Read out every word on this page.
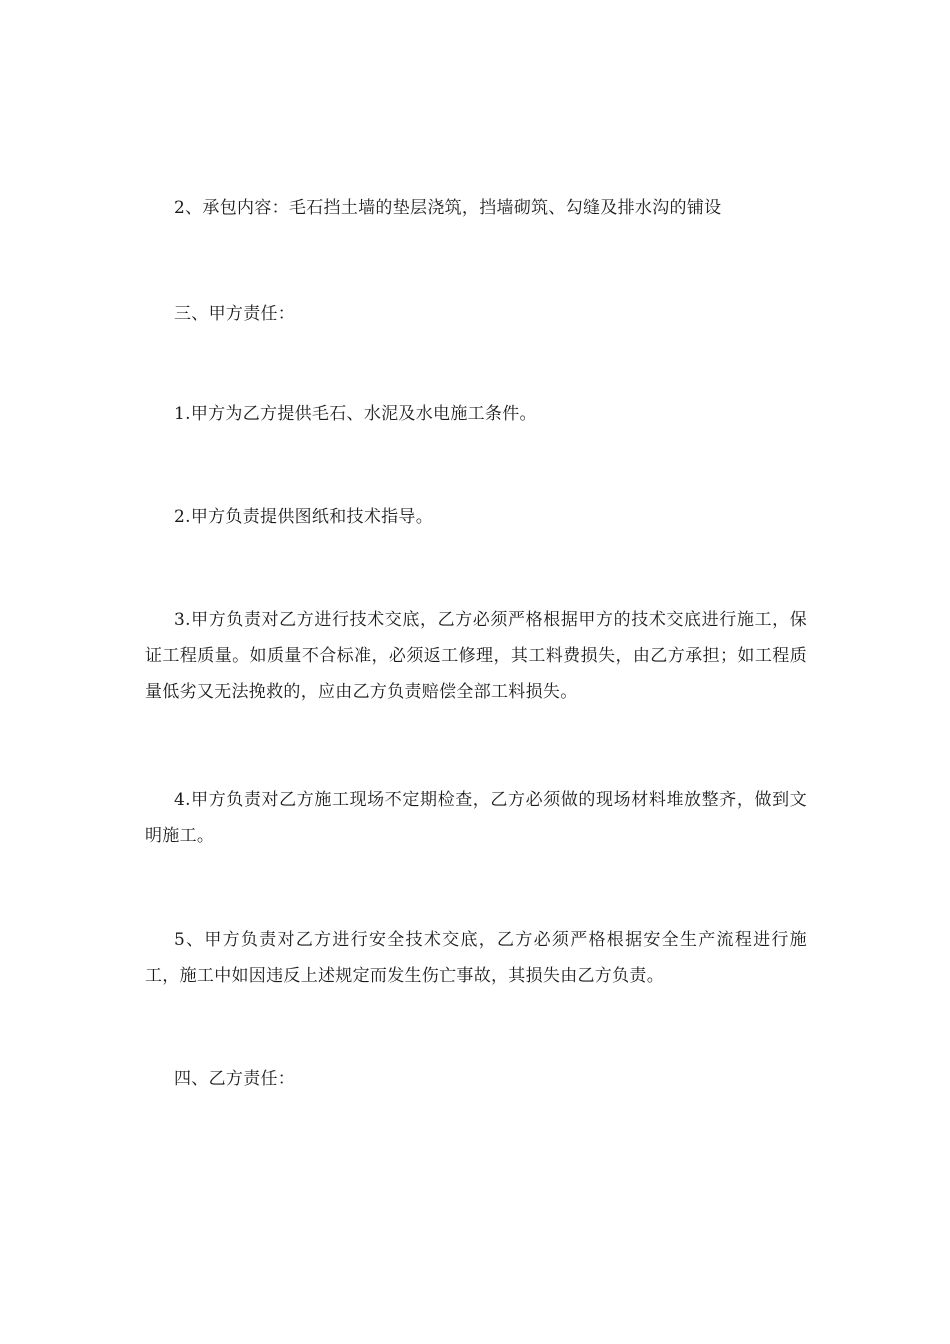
2、承包内容：毛石挡土墙的垫层浇筑，挡墙砌筑、勾缝及排水沟的铺设

三、甲方责任：

1.甲方为乙方提供毛石、水泥及水电施工条件。

2.甲方负责提供图纸和技术指导。

3.甲方负责对乙方进行技术交底，乙方必须严格根据甲方的技术交底进行施工，保证工程质量。如质量不合标准，必须返工修理，其工料费损失，由乙方承担；如工程质量低劣又无法挽救的，应由乙方负责赔偿全部工料损失。

4.甲方负责对乙方施工现场不定期检查，乙方必须做的现场材料堆放整齐，做到文明施工。

5、甲方负责对乙方进行安全技术交底，乙方必须严格根据安全生产流程进行施工，施工中如因违反上述规定而发生伤亡事故，其损失由乙方负责。

四、乙方责任：
